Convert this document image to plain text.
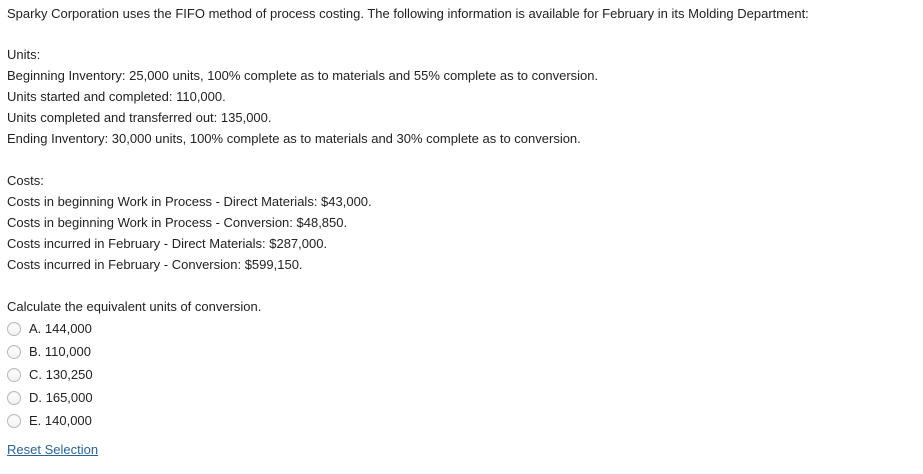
Sparky Corporation uses the FIFO method of process costing. The following information is available for February in its Molding Department:
Units:
Beginning Inventory: 25,000 units, 100% complete as to materials and 55% complete as to conversion.
Units started and completed: 110,000.
Units completed and transferred out: 135,000.
Ending Inventory: 30,000 units, 100% complete as to materials and 30% complete as to conversion.
Costs:
Costs in beginning Work in Process - Direct Materials: $43,000.
Costs in beginning Work in Process - Conversion: $48,850.
Costs incurred in February - Direct Materials: $287,000.
Costs incurred in February - Conversion: $599,150.
Calculate the equivalent units of conversion.
A. 144,000
B. 110,000
C. 130,250
D. 165,000
E. 140,000
Reset Selection
